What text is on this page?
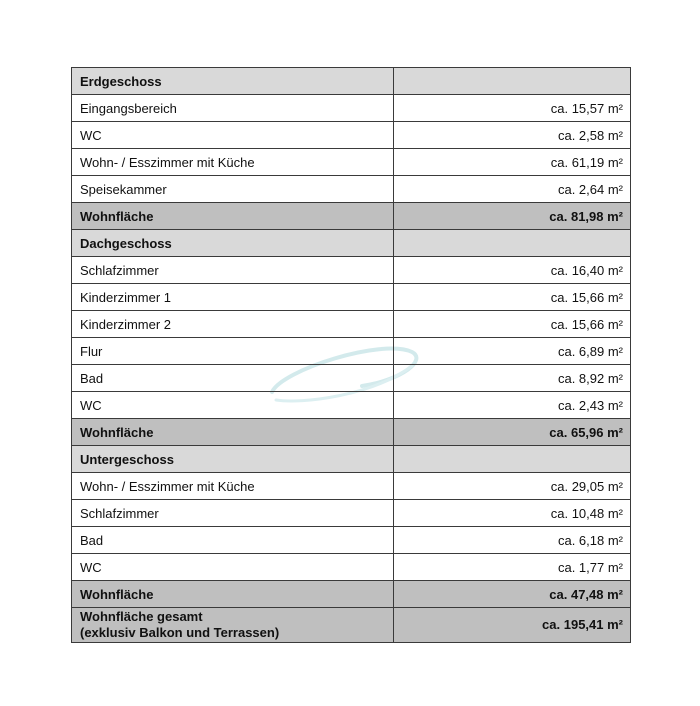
Erdgeschoss	
Eingangsbereich	ca. 15,57 m²
WC	ca. 2,58 m²
Wohn- / Esszimmer mit Küche	ca. 61,19 m²
Speisekammer	ca. 2,64 m²
Wohnfläche	ca. 81,98 m²
Dachgeschoss	
Schlafzimmer	ca. 16,40 m²
Kinderzimmer 1	ca. 15,66 m²
Kinderzimmer 2	ca. 15,66 m²
Flur	ca. 6,89 m²
Bad	ca. 8,92 m²
WC	ca. 2,43 m²
Wohnfläche	ca. 65,96 m²
Untergeschoss	
Wohn- / Esszimmer mit Küche	ca. 29,05 m²
Schlafzimmer	ca. 10,48 m²
Bad	ca. 6,18 m²
WC	ca. 1,77 m²
Wohnfläche	ca. 47,48 m²

Wohnfläche gesamt
(exklusiv Balkon und Terrassen)	ca. 195,41 m²
